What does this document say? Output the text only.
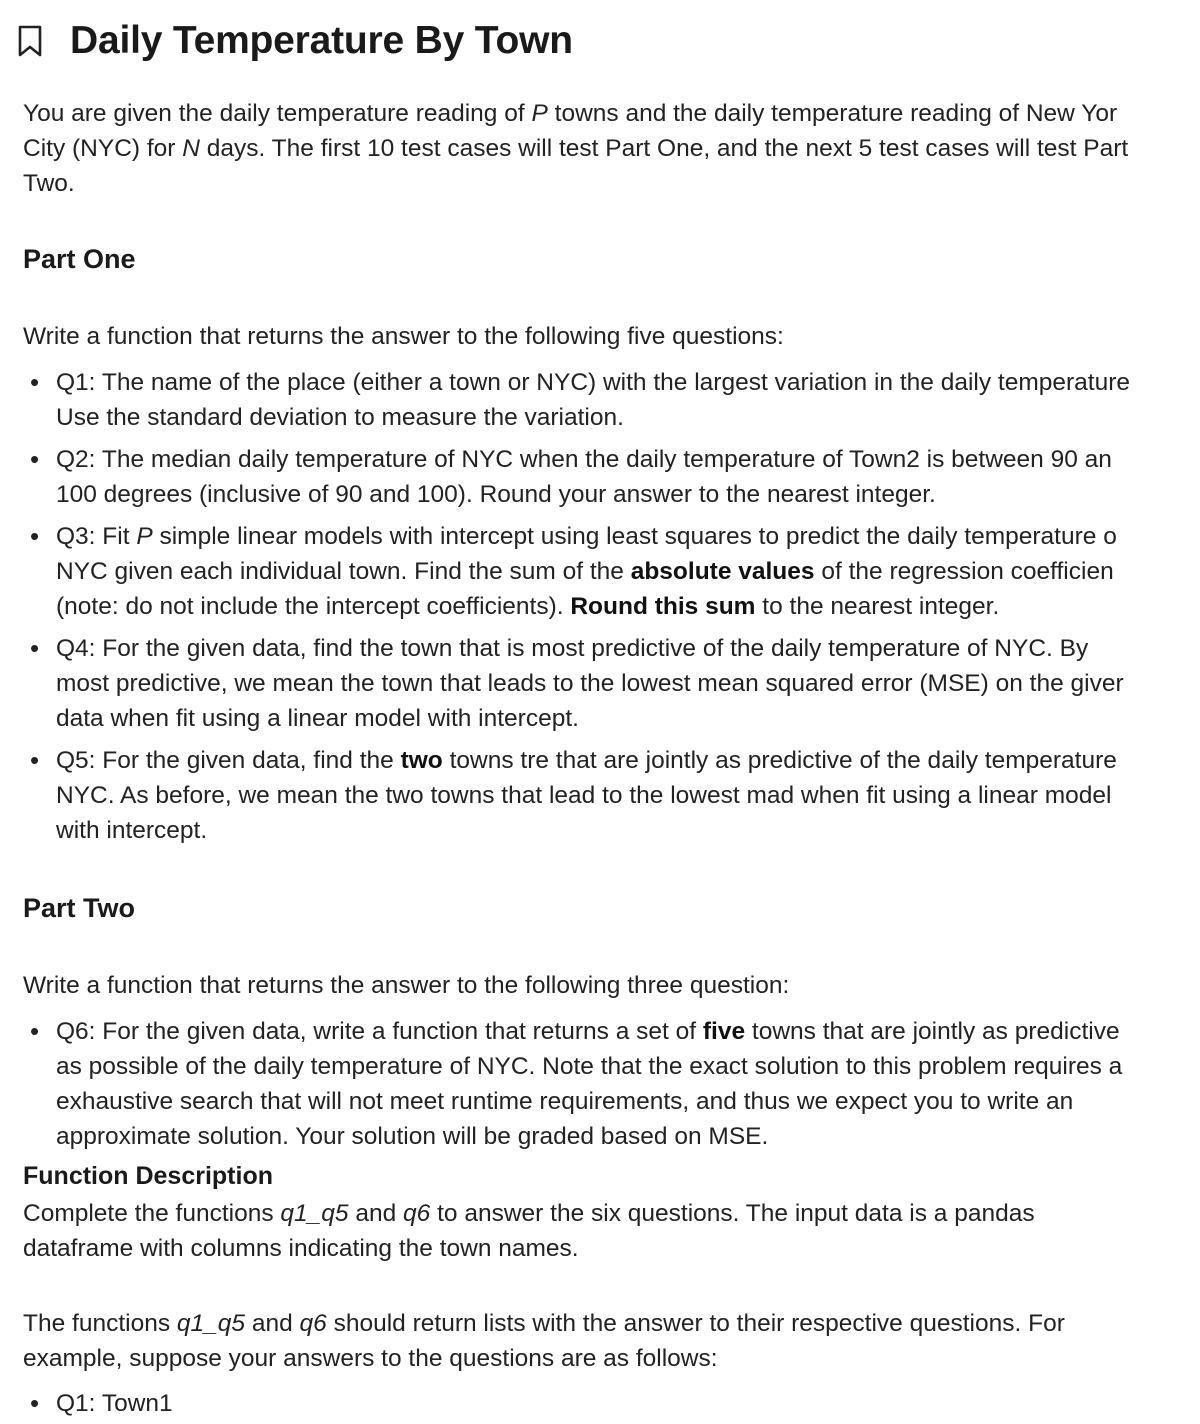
Daily Temperature By Town
You are given the daily temperature reading of P towns and the daily temperature reading of New Yor
City (NYC) for N days. The first 10 test cases will test Part One, and the next 5 test cases will test Part
Two.
Part One
Write a function that returns the answer to the following five questions:
• Q1: The name of the place (either a town or NYC) with the largest variation in the daily temperature
Use the standard deviation to measure the variation.
• Q2: The median daily temperature of NYC when the daily temperature of Town2 is between 90 an
100 degrees (inclusive of 90 and 100). Round your answer to the nearest integer.
• Q3: Fit P simple linear models with intercept using least squares to predict the daily temperature o
NYC given each individual town. Find the sum of the absolute values of the regression coefficien
(note: do not include the intercept coefficients). Round this sum to the nearest integer.
• Q4: For the given data, find the town that is most predictive of the daily temperature of NYC. By
most predictive, we mean the town that leads to the lowest mean squared error (MSE) on the giver
data when fit using a linear model with intercept.
• Q5: For the given data, find the two towns tre that are jointly as predictive of the daily temperature
NYC. As before, we mean the two towns that lead to the lowest mad when fit using a linear model
with intercept.
Part Two
Write a function that returns the answer to the following three question:
• Q6: For the given data, write a function that returns a set of five towns that are jointly as predictive
as possible of the daily temperature of NYC. Note that the exact solution to this problem requires a
exhaustive search that will not meet runtime requirements, and thus we expect you to write an
approximate solution. Your solution will be graded based on MSE.
Function Description
Complete the functions q1_q5 and q6 to answer the six questions. The input data is a pandas
dataframe with columns indicating the town names.
The functions q1_q5 and q6 should return lists with the answer to their respective questions. For
example, suppose your answers to the questions are as follows:
• Q1: Town1
